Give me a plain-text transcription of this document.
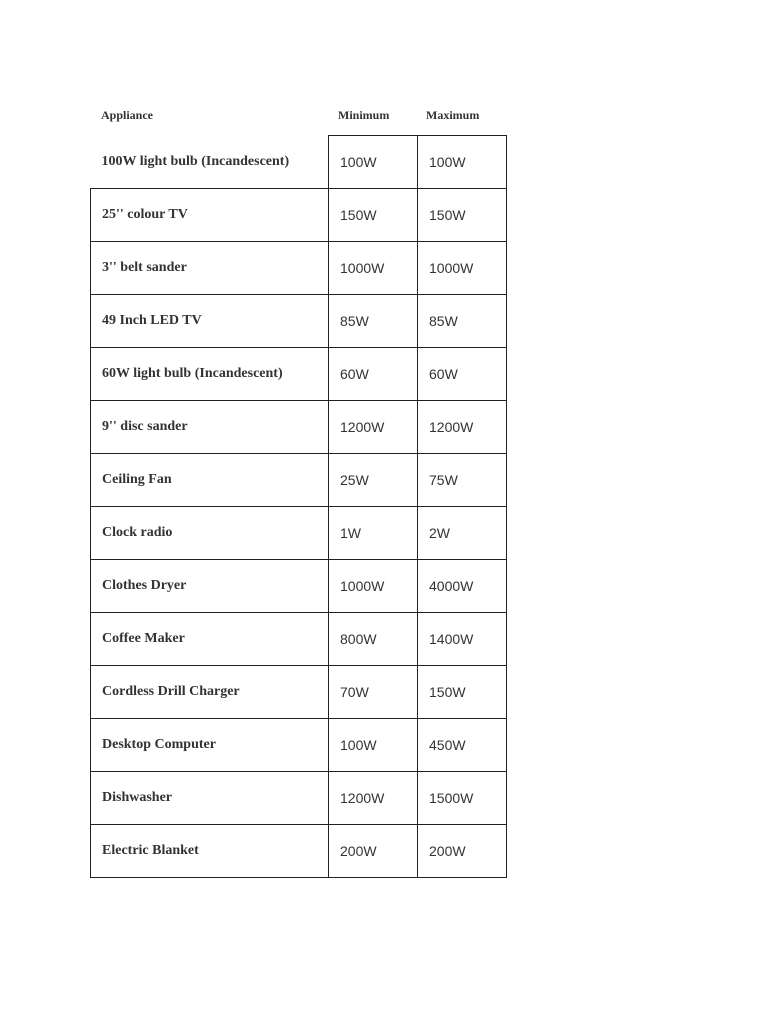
Appliance	Minimum	Maximum
100W light bulb (Incandescent)	100W	100W
25'' colour TV	150W	150W
3'' belt sander	1000W	1000W
49 Inch LED TV	85W	85W
60W light bulb (Incandescent)	60W	60W
9'' disc sander	1200W	1200W
Ceiling Fan	25W	75W
Clock radio	1W	2W
Clothes Dryer	1000W	4000W
Coffee Maker	800W	1400W
Cordless Drill Charger	70W	150W
Desktop Computer	100W	450W
Dishwasher	1200W	1500W
Electric Blanket	200W	200W
